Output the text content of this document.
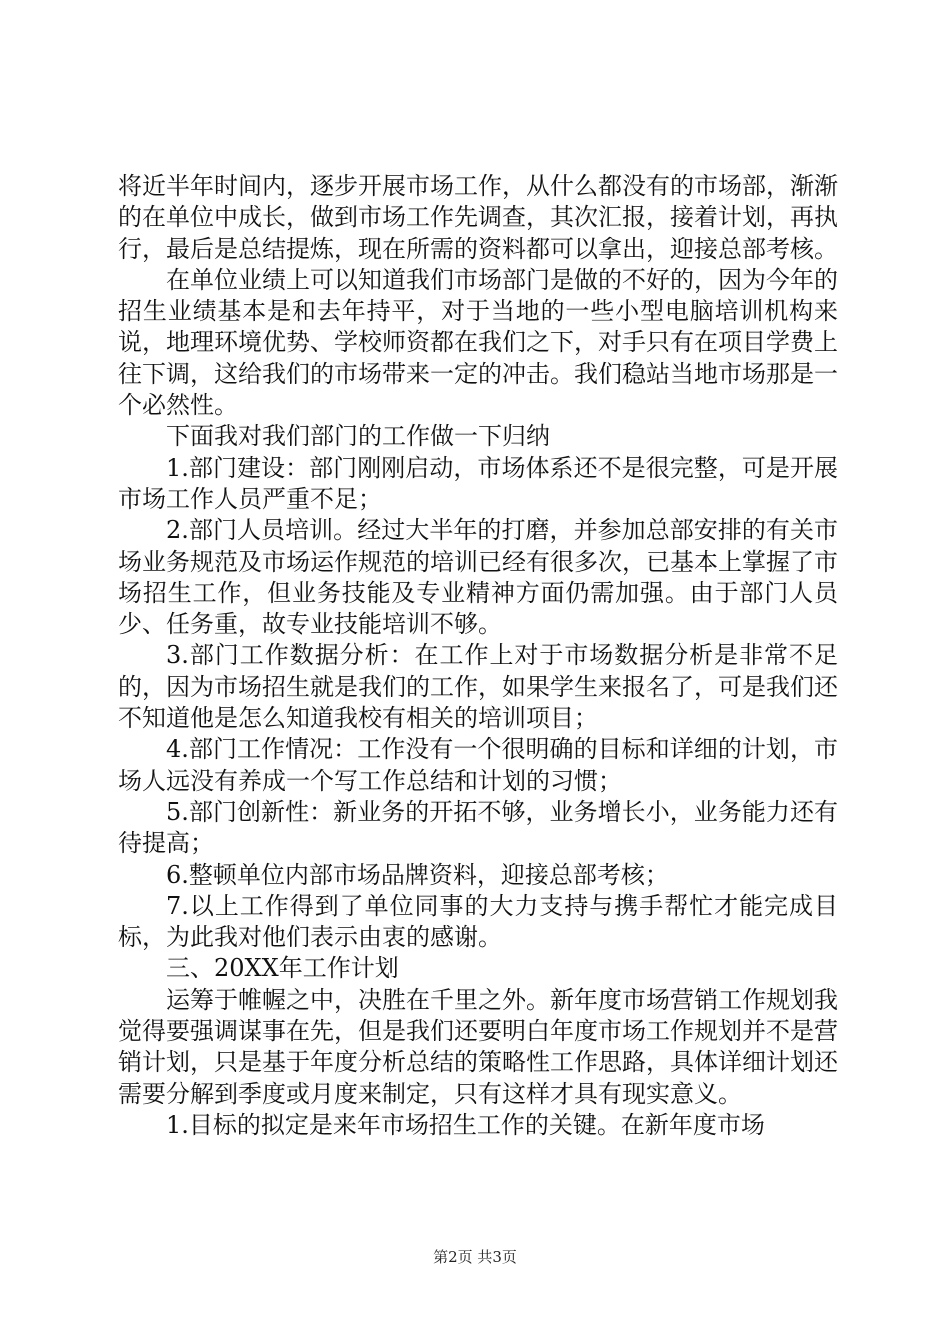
将近半年时间内，逐步开展市场工作，从什么都没有的市场部，渐渐的在单位中成长，做到市场工作先调查，其次汇报，接着计划，再执行，最后是总结提炼，现在所需的资料都可以拿出，迎接总部考核。

在单位业绩上可以知道我们市场部门是做的不好的，因为今年的招生业绩基本是和去年持平，对于当地的一些小型电脑培训机构来说，地理环境优势、学校师资都在我们之下，对手只有在项目学费上往下调，这给我们的市场带来一定的冲击。我们稳站当地市场那是一个必然性。

下面我对我们部门的工作做一下归纳

1.部门建设：部门刚刚启动，市场体系还不是很完整，可是开展市场工作人员严重不足；

2.部门人员培训。经过大半年的打磨，并参加总部安排的有关市场业务规范及市场运作规范的培训已经有很多次，已基本上掌握了市场招生工作，但业务技能及专业精神方面仍需加强。由于部门人员少、任务重，故专业技能培训不够。

3.部门工作数据分析：在工作上对于市场数据分析是非常不足的，因为市场招生就是我们的工作，如果学生来报名了，可是我们还不知道他是怎么知道我校有相关的培训项目；

4.部门工作情况：工作没有一个很明确的目标和详细的计划，市场人远没有养成一个写工作总结和计划的习惯；

5.部门创新性：新业务的开拓不够，业务增长小，业务能力还有待提高；

6.整顿单位内部市场品牌资料，迎接总部考核；

7.以上工作得到了单位同事的大力支持与携手帮忙才能完成目标，为此我对他们表示由衷的感谢。

三、20XX年工作计划

运筹于帷幄之中，决胜在千里之外。新年度市场营销工作规划我觉得要强调谋事在先，但是我们还要明白年度市场工作规划并不是营销计划，只是基于年度分析总结的策略性工作思路，具体详细计划还需要分解到季度或月度来制定，只有这样才具有现实意义。

1.目标的拟定是来年市场招生工作的关键。在新年度市场

第2页 共3页
